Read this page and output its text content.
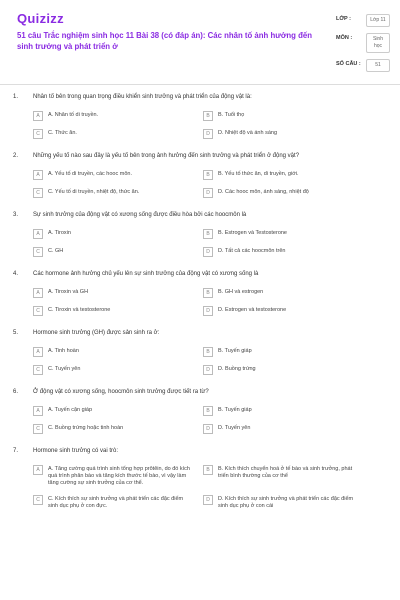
Quizizz
51 câu Trắc nghiệm sinh học 11 Bài 38 (có đáp án): Các nhân tố ảnh hưởng đến sinh trưởng và phát triển ở
LỚP :	Lớp 11
MÔN :	Sinh học
SỐ CÂU :	51
1.	Nhân tố bên trong quan trọng điều khiển sinh trưởng và phát triển của động vật là:
A	A. Nhân tố di truyền.	B	B. Tuổi thọ
C	C. Thức ăn.	D	D. Nhiệt độ và ánh sáng
2.	Những yếu tố nào sau đây là yếu tố bên trong ảnh hưởng đến sinh trưởng và phát triển ở động vật?
A	A. Yếu tố di truyền, các hooc môn.	B	B. Yếu tố thức ăn, di truyền, giới.
C	C. Yếu tố di truyền, nhiệt độ, thức ăn.	D	D. Các hooc môn, ánh sáng, nhiệt độ
3.	Sự sinh trưởng của động vật có xương sống được điều hòa bởi các hoocmôn là
A	A. Tiroxin	B	B. Estrogen và Testosterone
C	C. GH	D	D. Tất cả các hoocmôn trên
4.	Các hormone ảnh hưởng chủ yếu lên sự sinh trưởng của động vật có xương sống là
A	A. Tiroxin và GH	B	B. GH và estrogen
C	C. Tiroxin và testosterone	D	D. Estrogen và testosterone
5.	Hormone sinh trưởng (GH) được sản sinh ra ở:
A	A. Tinh hoàn	B	B. Tuyến giáp
C	C. Tuyến yên	D	D. Buồng trứng
6.	Ở động vật có xương sống, hoocmôn sinh trưởng được tiết ra từ?
A	A. Tuyến cận giáp	B	B. Tuyến giáp
C	C. Buồng trứng hoặc tinh hoàn	D	D. Tuyến yên
7.	Hormone sinh trưởng có vai trò:
A	A. Tăng cường quá trình sinh tổng hợp prôtêin, do đó kích quá trình phân bào và tăng kích thước tế bào, vì vậy làm tăng cường sự sinh trưởng của cơ thể.
B	B. Kích thích chuyển hoá ở tế bào và sinh trưởng, phát triển bình thường của cơ thể
C	C. Kích thích sự sinh trưởng và phát triển các đặc điểm sinh dục phụ ở con đực.
D	D. Kích thích sự sinh trưởng và phát triển các đặc điểm sinh dục phụ ở con cái
